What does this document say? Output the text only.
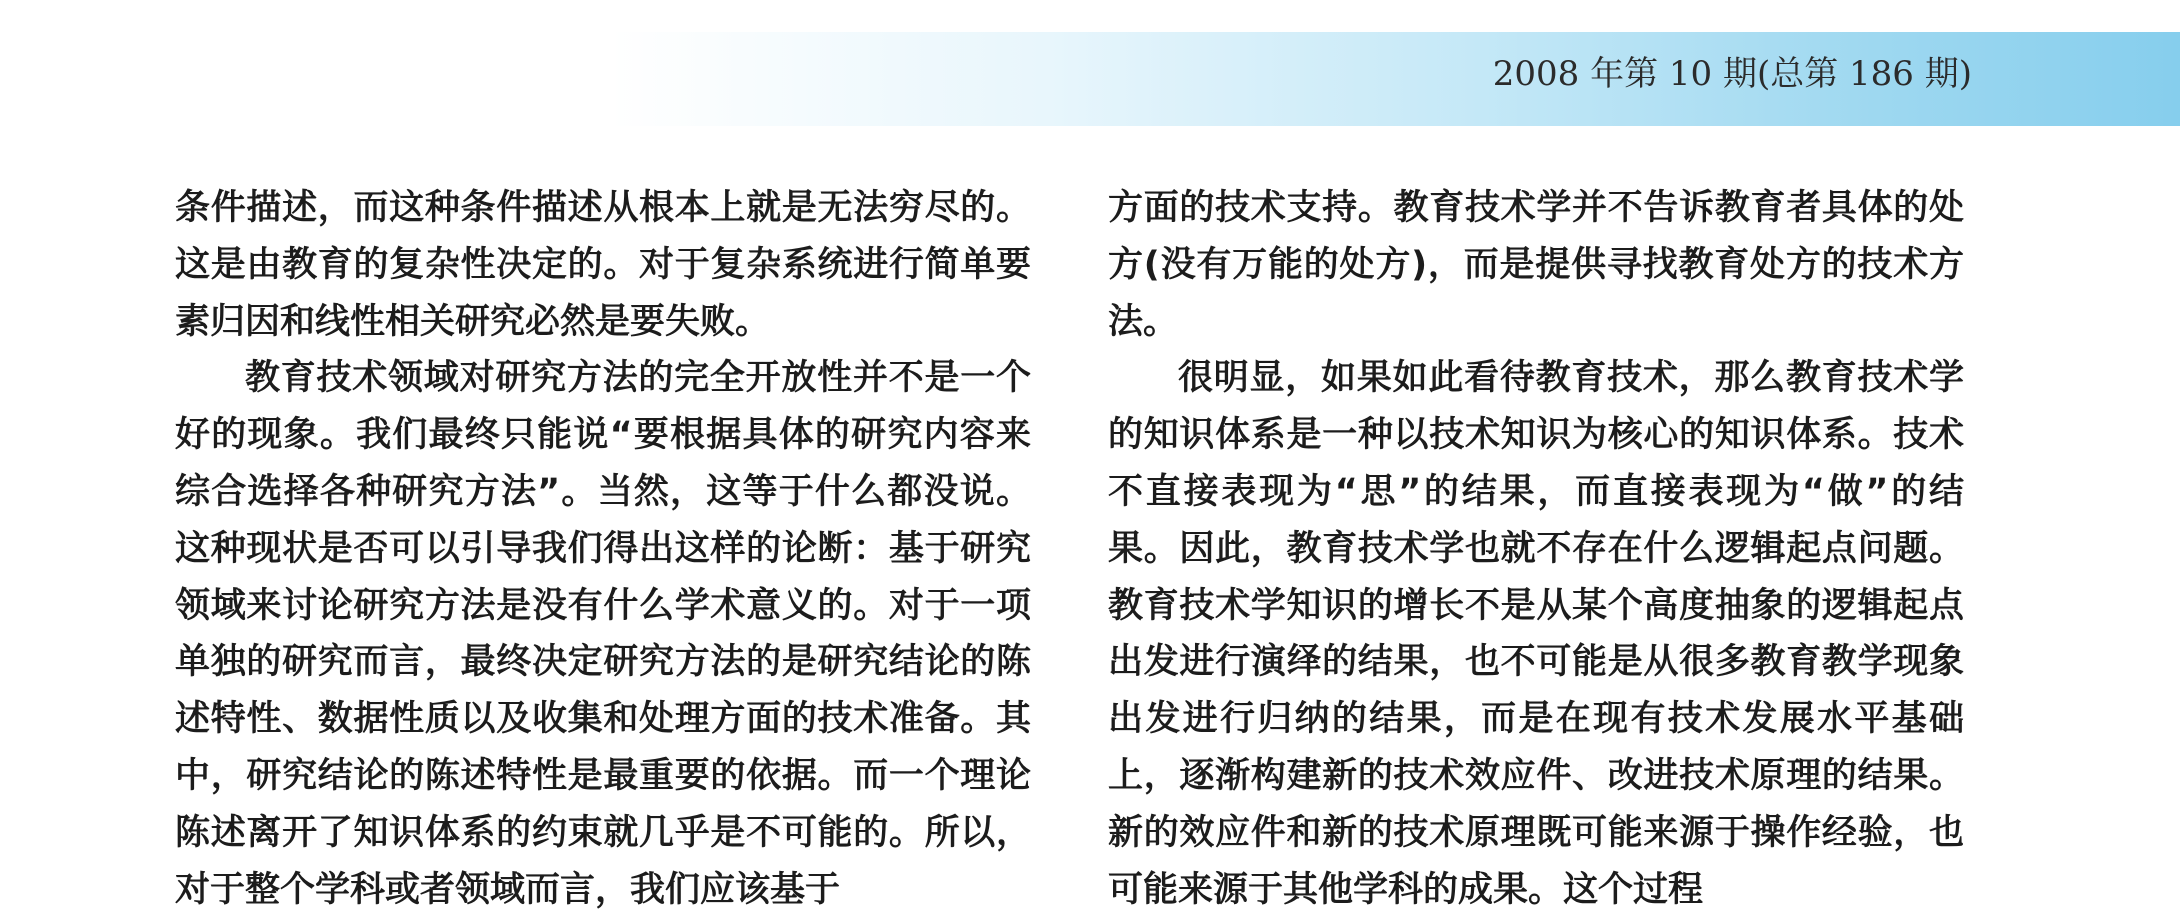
2008 年第 10 期(总第 186 期)

条件描述，而这种条件描述从根本上就是无法穷尽的。这是由教育的复杂性决定的。对于复杂系统进行简单要素归因和线性相关研究必然是要失败。

教育技术领域对研究方法的完全开放性并不是一个好的现象。我们最终只能说“要根据具体的研究内容来综合选择各种研究方法”。当然，这等于什么都没说。这种现状是否可以引导我们得出这样的论断：基于研究领域来讨论研究方法是没有什么学术意义的。对于一项单独的研究而言，最终决定研究方法的是研究结论的陈述特性、数据性质以及收集和处理方面的技术准备。其中，研究结论的陈述特性是最重要的依据。而一个理论陈述离开了知识体系的约束就几乎是不可能的。所以，对于整个学科或者领域而言，我们应该基于

方面的技术支持。教育技术学并不告诉教育者具体的处方(没有万能的处方)，而是提供寻找教育处方的技术方法。

很明显，如果如此看待教育技术，那么教育技术学的知识体系是一种以技术知识为核心的知识体系。技术不直接表现为“思”的结果，而直接表现为“做”的结果。因此，教育技术学也就不存在什么逻辑起点问题。教育技术学知识的增长不是从某个高度抽象的逻辑起点出发进行演绎的结果，也不可能是从很多教育教学现象出发进行归纳的结果，而是在现有技术发展水平基础上，逐渐构建新的技术效应件、改进技术原理的结果。新的效应件和新的技术原理既可能来源于操作经验，也可能来源于其他学科的成果。这个过程
